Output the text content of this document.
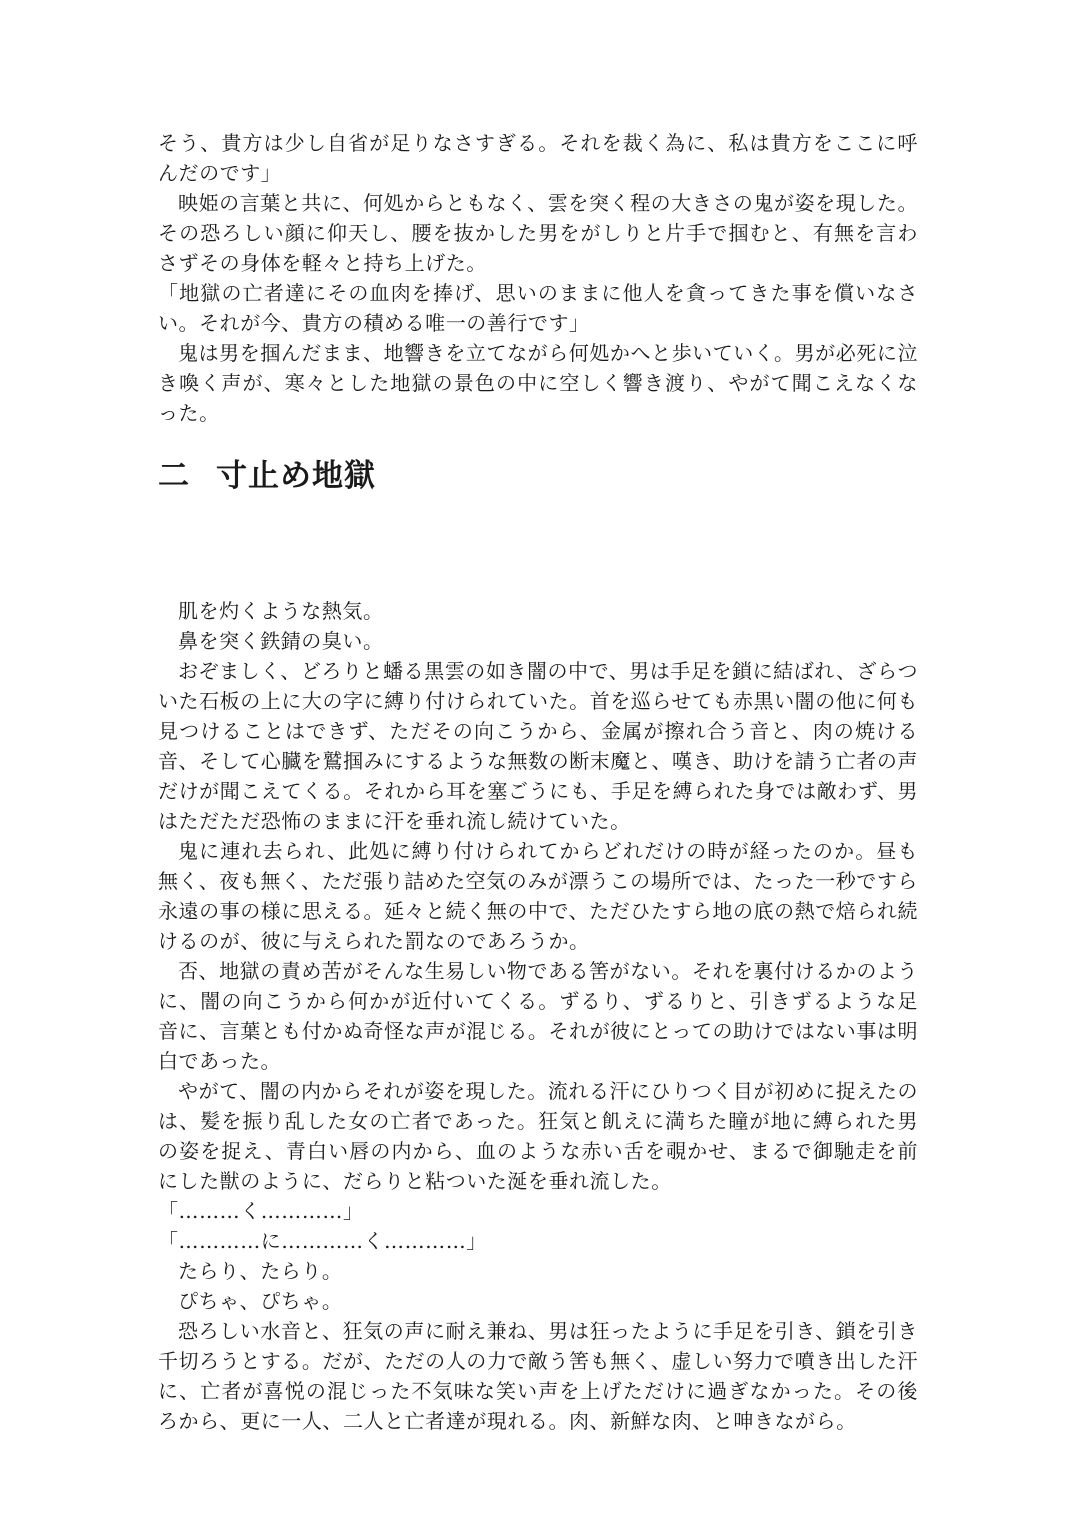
そう、貴方は少し自省が足りなさすぎる。それを裁く為に、私は貴方をここに呼んだのです」

映姫の言葉と共に、何処からともなく、雲を突く程の大きさの鬼が姿を現した。その恐ろしい顔に仰天し、腰を抜かした男をがしりと片手で掴むと、有無を言わさずその身体を軽々と持ち上げた。

「地獄の亡者達にその血肉を捧げ、思いのままに他人を貪ってきた事を償いなさい。それが今、貴方の積める唯一の善行です」

鬼は男を掴んだまま、地響きを立てながら何処かへと歩いていく。男が必死に泣き喚く声が、寒々とした地獄の景色の中に空しく響き渡り、やがて聞こえなくなった。

二 寸止め地獄

肌を灼くような熱気。

鼻を突く鉄錆の臭い。

おぞましく、どろりと蟠る黒雲の如き闇の中で、男は手足を鎖に結ばれ、ざらついた石板の上に大の字に縛り付けられていた。首を巡らせても赤黒い闇の他に何も見つけることはできず、ただその向こうから、金属が擦れ合う音と、肉の焼ける音、そして心臓を鷲掴みにするような無数の断末魔と、嘆き、助けを請う亡者の声だけが聞こえてくる。それから耳を塞ごうにも、手足を縛られた身では敵わず、男はただただ恐怖のままに汗を垂れ流し続けていた。

鬼に連れ去られ、此処に縛り付けられてからどれだけの時が経ったのか。昼も無く、夜も無く、ただ張り詰めた空気のみが漂うこの場所では、たった一秒ですら永遠の事の様に思える。延々と続く無の中で、ただひたすら地の底の熱で焙られ続けるのが、彼に与えられた罰なのであろうか。

否、地獄の責め苦がそんな生易しい物である筈がない。それを裏付けるかのように、闇の向こうから何かが近付いてくる。ずるり、ずるりと、引きずるような足音に、言葉とも付かぬ奇怪な声が混じる。それが彼にとっての助けではない事は明白であった。

やがて、闇の内からそれが姿を現した。流れる汗にひりつく目が初めに捉えたのは、髪を振り乱した女の亡者であった。狂気と飢えに満ちた瞳が地に縛られた男の姿を捉え、青白い唇の内から、血のような赤い舌を覗かせ、まるで御馳走を前にした獣のように、だらりと粘ついた涎を垂れ流した。

「………く…………」

「…………に…………く…………」

たらり、たらり。

ぴちゃ、ぴちゃ。

恐ろしい水音と、狂気の声に耐え兼ね、男は狂ったように手足を引き、鎖を引き千切ろうとする。だが、ただの人の力で敵う筈も無く、虚しい努力で噴き出した汗に、亡者が喜悦の混じった不気味な笑い声を上げただけに過ぎなかった。その後ろから、更に一人、二人と亡者達が現れる。肉、新鮮な肉、と呻きながら。
